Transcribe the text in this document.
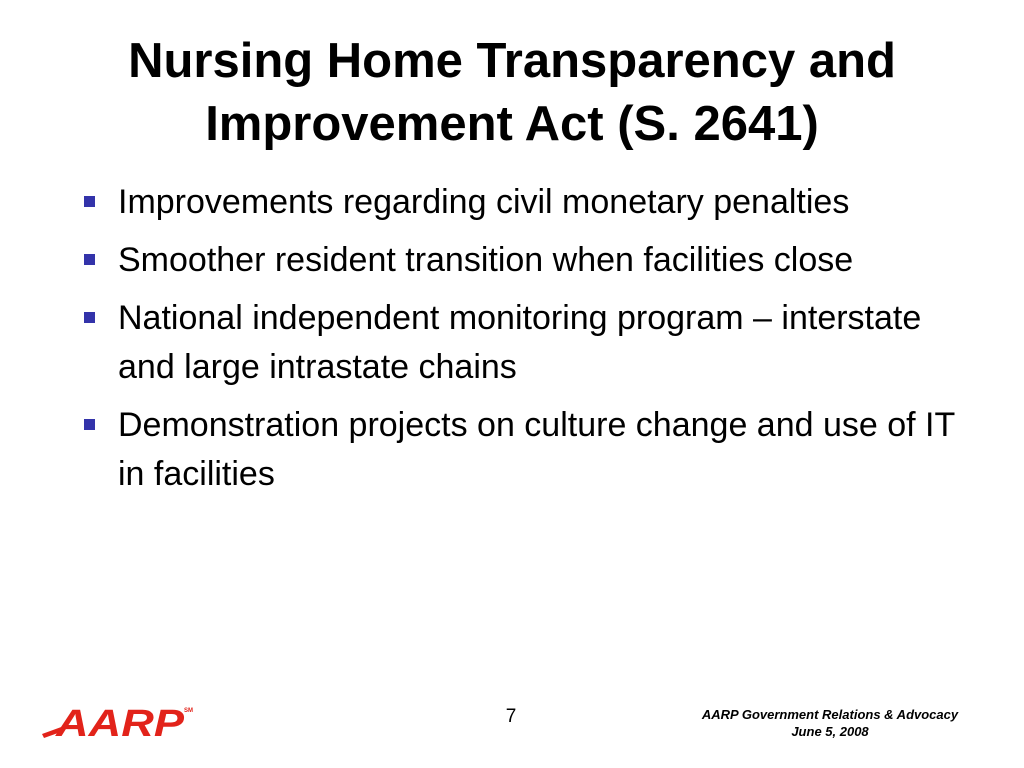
Nursing Home Transparency and
Improvement Act (S. 2641)
Improvements regarding civil monetary penalties
Smoother resident transition when facilities close
National independent monitoring program – interstate and large intrastate chains
Demonstration projects on culture change and use of IT in facilities
AARP SM	7	AARP Government Relations & Advocacy
June 5, 2008
